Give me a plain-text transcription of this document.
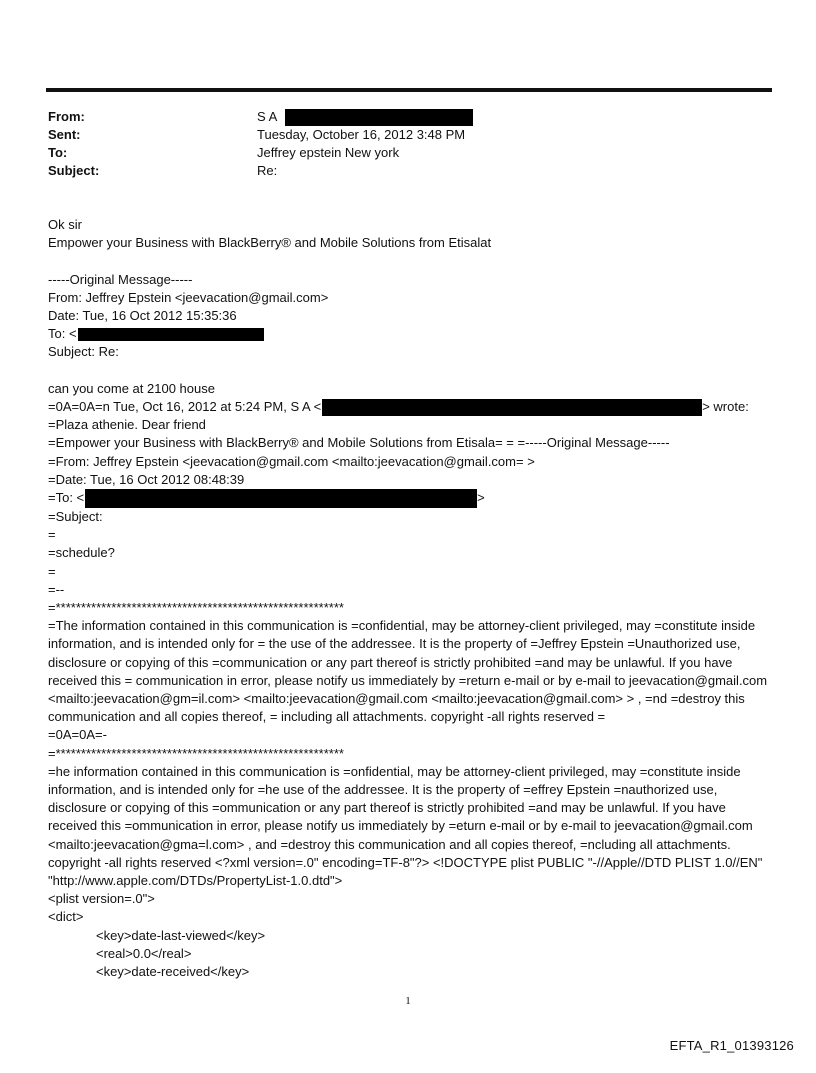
From:	S A
Sent:	Tuesday, October 16, 2012 3:48 PM
To:	Jeffrey epstein New york
Subject:	Re:
Ok sir
Empower your Business with BlackBerry® and Mobile Solutions from Etisalat
-----Original Message-----
From: Jeffrey Epstein <jeevacation@gmail.com>
Date: Tue, 16 Oct 2012 15:35:36
To: <
Subject: Re:
can you come at 2100 house
=0A=0A=n Tue, Oct 16, 2012 at 5:24 PM, S A <	> wrote:
=Plaza athenie. Dear friend
=Empower your Business with BlackBerry® and Mobile Solutions from Etisala= = =-----Original Message-----
=From: Jeffrey Epstein <jeevacation@gmail.com <mailto:jeevacation@gmail.com= >
=Date: Tue, 16 Oct 2012 08:48:39
=To: <	>
=Subject:
=
=schedule?
=
=--
=*********************************************************
=The information contained in this communication is =confidential, may be attorney-client privileged, may =constitute inside information, and is intended only for = the use of the addressee. It is the property of =Jeffrey Epstein =Unauthorized use, disclosure or copying of this =communication or any part thereof is strictly prohibited =and may be unlawful. If you have received this = communication in error, please notify us immediately by =return e-mail or by e-mail to jeevacation@gmail.com <mailto:jeevacation@gm=il.com> <mailto:jeevacation@gmail.com <mailto:jeevacation@gmail.com> > , =nd =destroy this communication and all copies thereof, = including all attachments. copyright -all rights reserved =
=0A=0A=-
=*********************************************************
=he information contained in this communication is =onfidential, may be attorney-client privileged, may =constitute inside information, and is intended only for =he use of the addressee. It is the property of =effrey Epstein =nauthorized use, disclosure or copying of this =ommunication or any part thereof is strictly prohibited =and may be unlawful. If you have received this =ommunication in error, please notify us immediately by =eturn e-mail or by e-mail to jeevacation@gmail.com <mailto:jeevacation@gma=l.com> , and =destroy this communication and all copies thereof, =ncluding all attachments. copyright -all rights reserved <?xml version=.0" encoding=TF-8"?> <!DOCTYPE plist PUBLIC "-//Apple//DTD PLIST 1.0//EN" "http://www.apple.com/DTDs/PropertyList-1.0.dtd">
<plist version=.0">
<dict>
<key>date-last-viewed</key>
<real>0.0</real>
<key>date-received</key>
1
EFTA_R1_01393126
